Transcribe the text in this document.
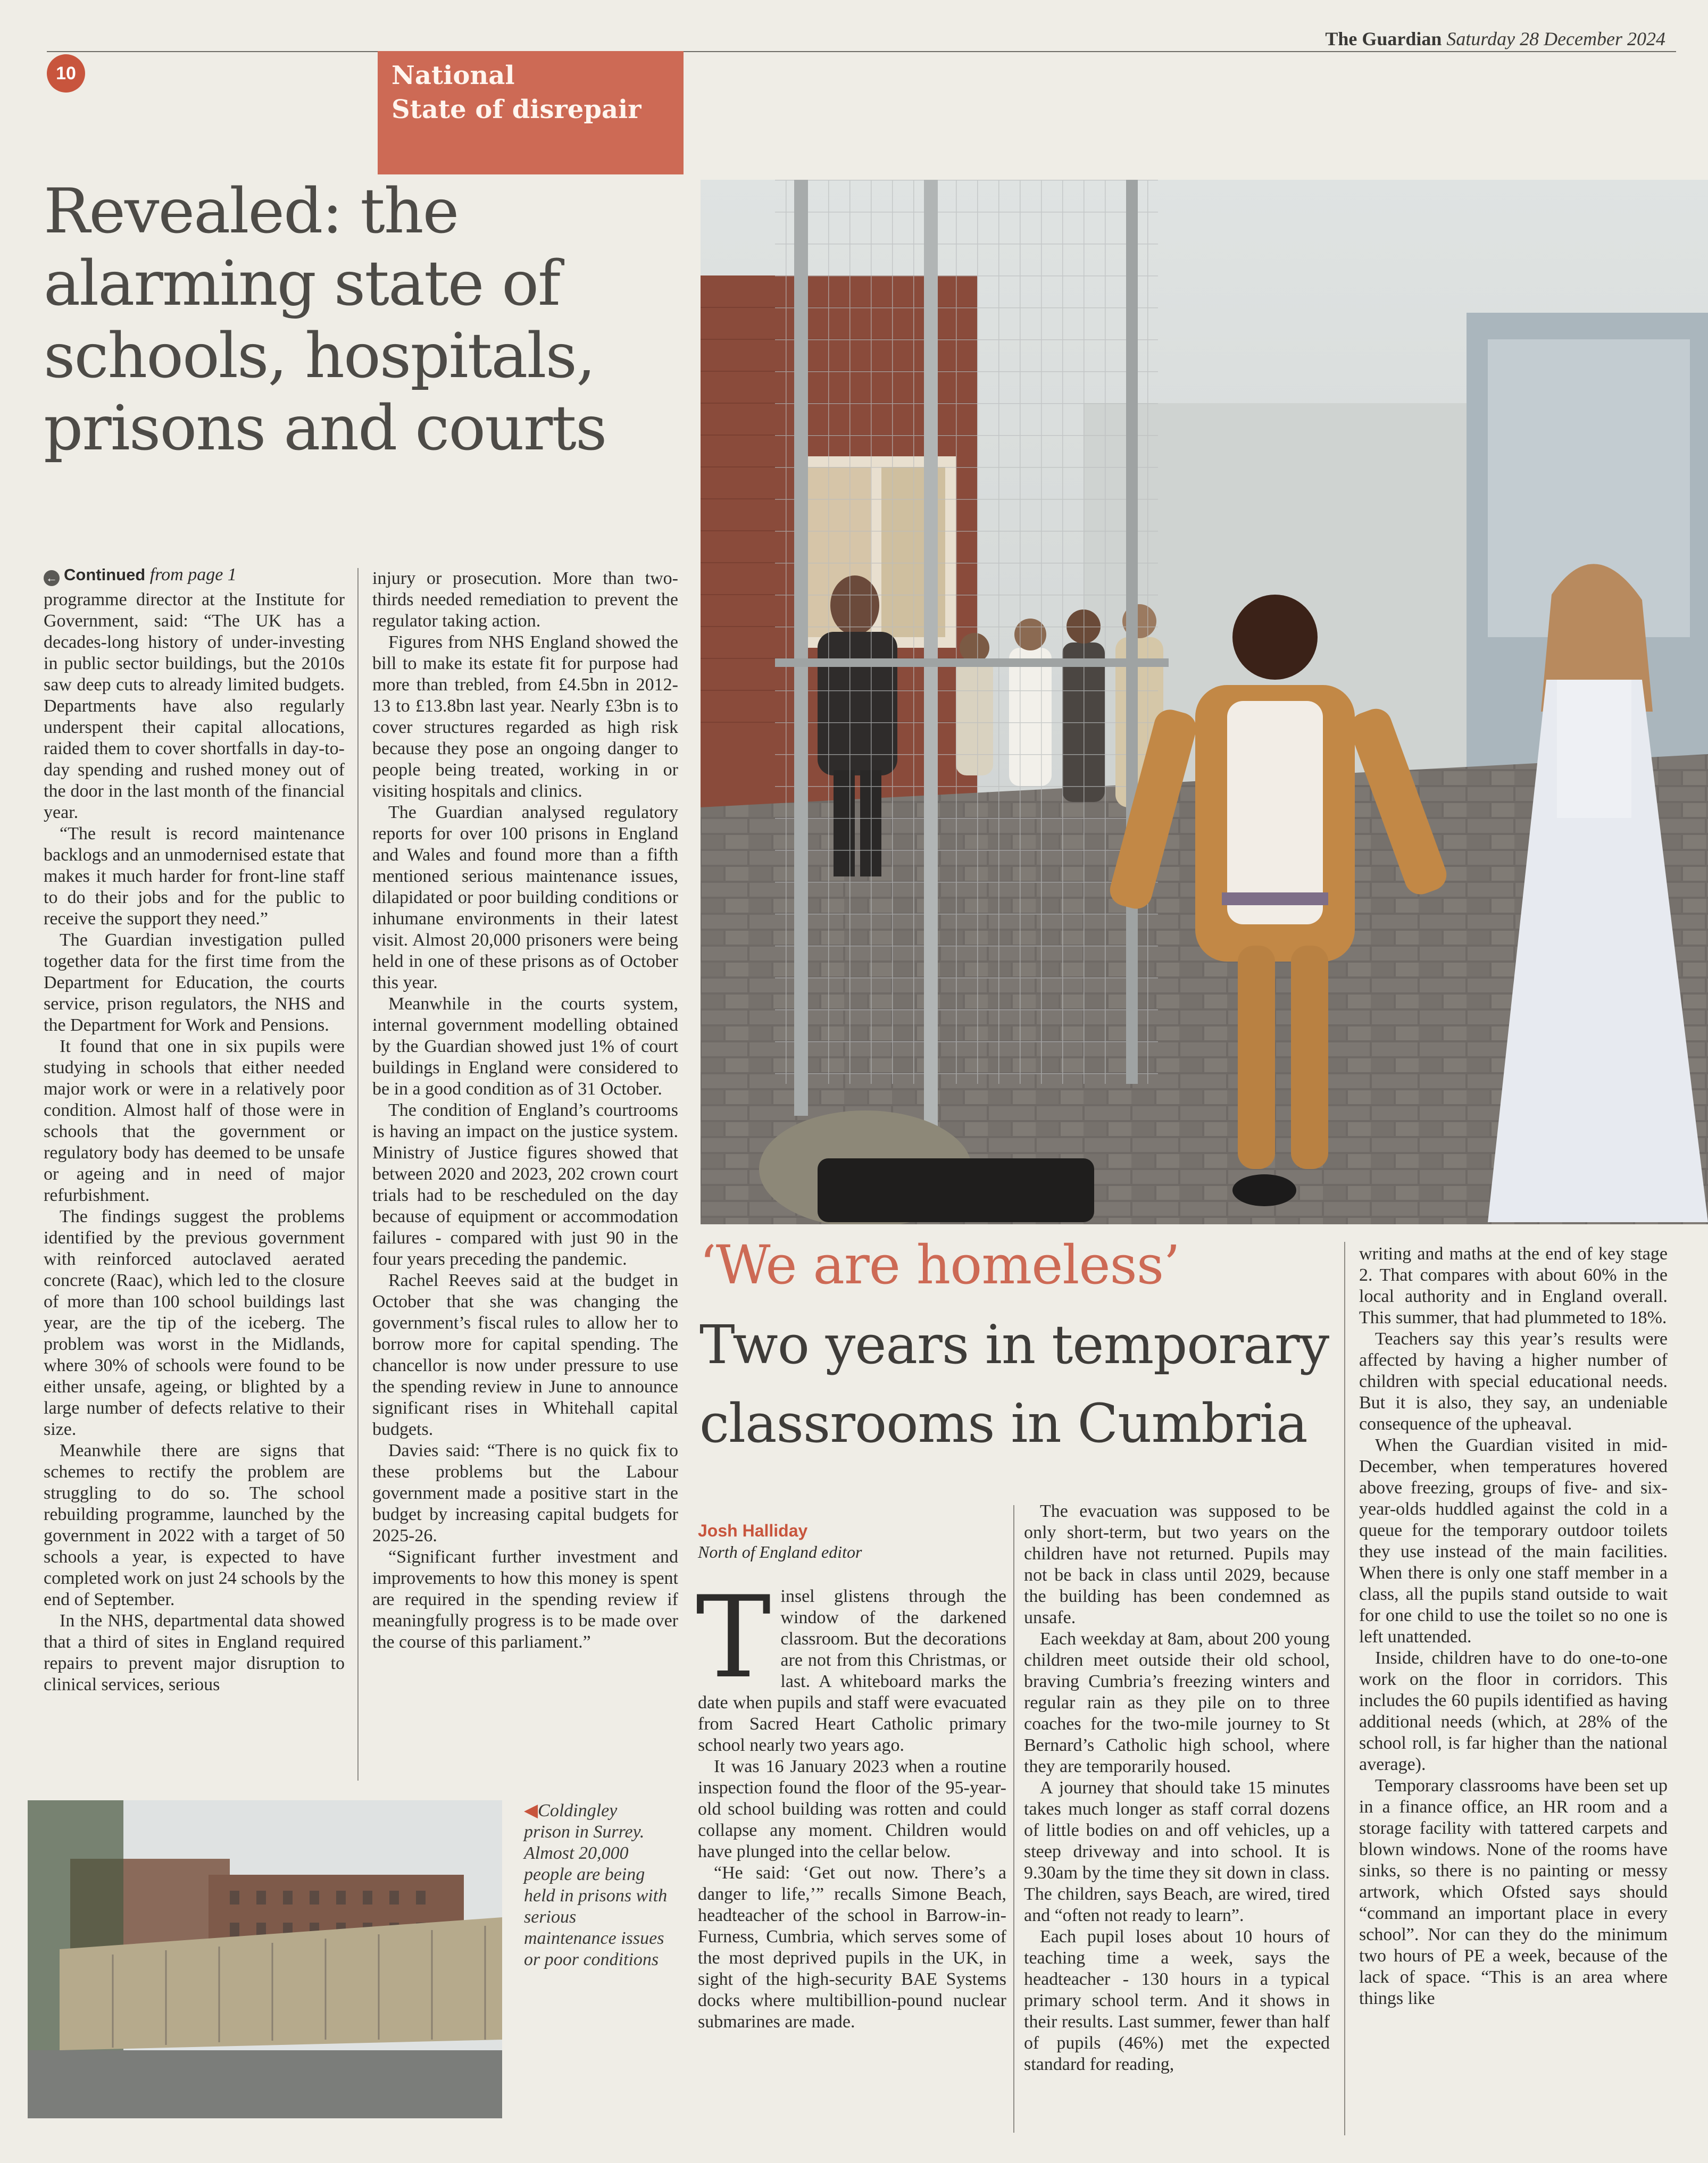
The Guardian Saturday 28 December 2024
10	National
State of disrepair
Revealed: the alarming state of schools, hospitals, prisons and courts
← Continued from page 1

programme director at the Institute for Government, said: “The UK has a decades-long history of under-investing in public sector buildings, but the 2010s saw deep cuts to already limited budgets. Departments have also regularly underspent their capital allocations, raided them to cover shortfalls in day-to-day spending and rushed money out of the door in the last month of the financial year.

“The result is record maintenance backlogs and an unmodernised estate that makes it much harder for front-line staff to do their jobs and for the public to receive the support they need.”

The Guardian investigation pulled together data for the first time from the Department for Education, the courts service, prison regulators, the NHS and the Department for Work and Pensions.

It found that one in six pupils were studying in schools that either needed major work or were in a relatively poor condition. Almost half of those were in schools that the government or regulatory body has deemed to be unsafe or ageing and in need of major refurbishment.

The findings suggest the problems identified by the previous government with reinforced autoclaved aerated concrete (Raac), which led to the closure of more than 100 school buildings last year, are the tip of the iceberg. The problem was worst in the Midlands, where 30% of schools were found to be either unsafe, ageing, or blighted by a large number of defects relative to their size.

Meanwhile there are signs that schemes to rectify the problem are struggling to do so. The school rebuilding programme, launched by the government in 2022 with a target of 50 schools a year, is expected to have completed work on just 24 schools by the end of September.

In the NHS, departmental data showed that a third of sites in England required repairs to prevent major disruption to clinical services, serious

injury or prosecution. More than two-thirds needed remediation to prevent the regulator taking action.

Figures from NHS England showed the bill to make its estate fit for purpose had more than trebled, from £4.5bn in 2012-13 to £13.8bn last year. Nearly £3bn is to cover structures regarded as high risk because they pose an ongoing danger to people being treated, working in or visiting hospitals and clinics.

The Guardian analysed regulatory reports for over 100 prisons in England and Wales and found more than a fifth mentioned serious maintenance issues, dilapidated or poor building conditions or inhumane environments in their latest visit. Almost 20,000 prisoners were being held in one of these prisons as of October this year.

Meanwhile in the courts system, internal government modelling obtained by the Guardian showed just 1% of court buildings in England were considered to be in a good condition as of 31 October.

The condition of England’s courtrooms is having an impact on the justice system. Ministry of Justice figures showed that between 2020 and 2023, 202 crown court trials had to be rescheduled on the day because of equipment or accommodation failures - compared with just 90 in the four years preceding the pandemic.

Rachel Reeves said at the budget in October that she was changing the government’s fiscal rules to allow her to borrow more for capital spending. The chancellor is now under pressure to use the spending review in June to announce significant rises in Whitehall capital budgets.

Davies said: “There is no quick fix to these problems but the Labour government made a positive start in the budget by increasing capital budgets for 2025-26.

“Significant further investment and improvements to how this money is spent are required in the spending review if meaningfully progress is to be made over the course of this parliament.”

‘We are homeless’
Two years in temporary classrooms in Cumbria
Josh Halliday
North of England editor

Tinsel glistens through the window of the darkened classroom. But the decorations are not from this Christmas, or last. A whiteboard marks the date when pupils and staff were evacuated from Sacred Heart Catholic primary school nearly two years ago.

It was 16 January 2023 when a routine inspection found the floor of the 95-year-old school building was rotten and could collapse any moment. Children would have plunged into the cellar below.

“He said: ‘Get out now. There’s a danger to life,’” recalls Simone Beach, headteacher of the school in Barrow-in-Furness, Cumbria, which serves some of the most deprived pupils in the UK, in sight of the high-security BAE Systems docks where multibillion-pound nuclear submarines are made.

The evacuation was supposed to be only short-term, but two years on the children have not returned. Pupils may not be back in class until 2029, because the building has been condemned as unsafe.

Each weekday at 8am, about 200 young children meet outside their old school, braving Cumbria’s freezing winters and regular rain as they pile on to three coaches for the two-mile journey to St Bernard’s Catholic high school, where they are temporarily housed.

A journey that should take 15 minutes takes much longer as staff corral dozens of little bodies on and off vehicles, up a steep driveway and into school. It is 9.30am by the time they sit down in class. The children, says Beach, are wired, tired and “often not ready to learn”.

Each pupil loses about 10 hours of teaching time a week, says the headteacher - 130 hours in a typical primary school term. And it shows in their results. Last summer, fewer than half of pupils (46%) met the expected standard for reading,

writing and maths at the end of key stage 2. That compares with about 60% in the local authority and in England overall. This summer, that had plummeted to 18%.

Teachers say this year’s results were affected by having a higher number of children with special educational needs. But it is also, they say, an undeniable consequence of the upheaval.

When the Guardian visited in mid-December, when temperatures hovered above freezing, groups of five- and six-year-olds huddled against the cold in a queue for the temporary outdoor toilets they use instead of the main facilities. When there is only one staff member in a class, all the pupils stand outside to wait for one child to use the toilet so no one is left unattended.

Inside, children have to do one-to-one work on the floor in corridors. This includes the 60 pupils identified as having additional needs (which, at 28% of the school roll, is far higher than the national average).

Temporary classrooms have been set up in a finance office, an HR room and a storage facility with tattered carpets and blown windows. None of the rooms have sinks, so there is no painting or messy artwork, which Ofsted says should “command an important place in every school”. Nor can they do the minimum two hours of PE a week, because of the lack of space. “This is an area where things like

◀Coldingley prison in Surrey. Almost 20,000 people are being held in prisons with serious maintenance issues or poor conditions
